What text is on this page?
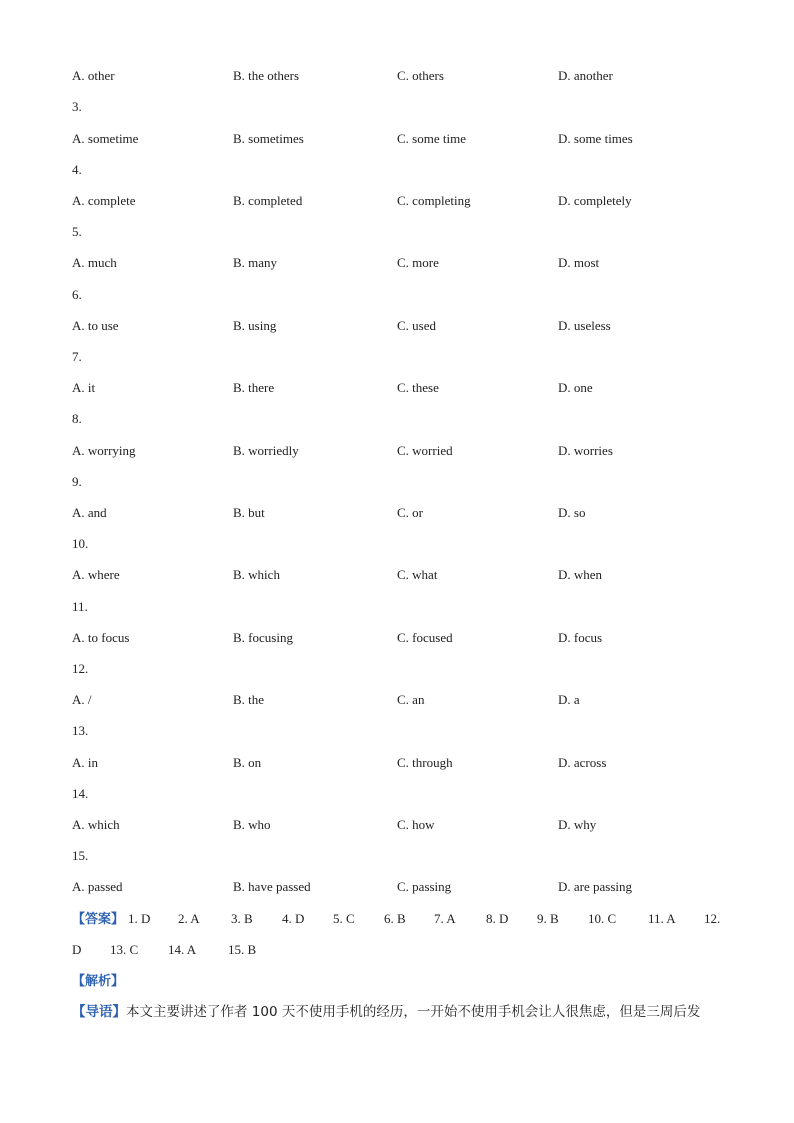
A. other	B. the others	C. others	D. another
3.
A. sometime	B. sometimes	C. some time	D. some times
4.
A. complete	B. completed	C. completing	D. completely
5.
A. much	B. many	C. more	D. most
6.
A. to use	B. using	C. used	D. useless
7.
A. it	B. there	C. these	D. one
8.
A. worrying	B. worriedly	C. worried	D. worries
9.
A. and	B. but	C. or	D. so
10.
A. where	B. which	C. what	D. when
11.
A. to focus	B. focusing	C. focused	D. focus
12.
A. /	B. the	C. an	D. a
13.
A. in	B. on	C. through	D. across
14.
A. which	B. who	C. how	D. why
15.
A. passed	B. have passed	C. passing	D. are passing
【答案】 1. D 2. A 3. B 4. D 5. C 6. B 7. A 8. D 9. B 10. C 11. A 12.
D 13. C 14. A 15. B
【解析】
【导语】本文主要讲述了作者 100 天不使用手机的经历，一开始不使用手机会让人很焦虑，但是三周后发
